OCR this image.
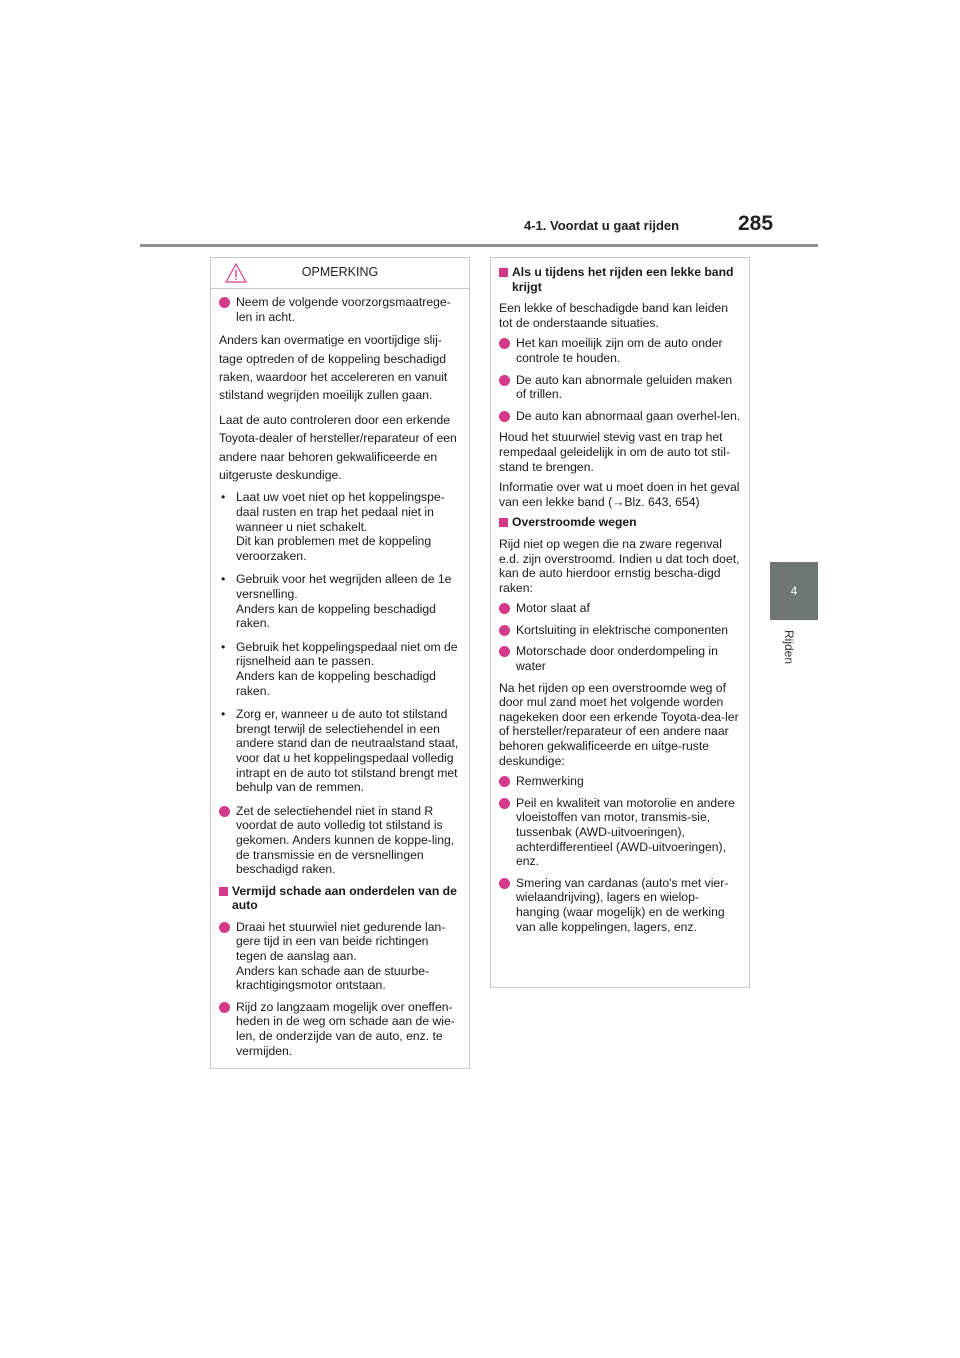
4-1. Voordat u gaat rijden	285
4
Rijden
OPMERKING
Neem de volgende voorzorgsmaatrege-len in acht.

Anders kan overmatige en voortijdige slij-tage optreden of de koppeling beschadigd raken, waardoor het accelereren en vanuit stilstand wegrijden moeilijk zullen gaan.

Laat de auto controleren door een erkende Toyota-dealer of hersteller/reparateur of een andere naar behoren gekwalificeerde en uitgeruste deskundige.

• Laat uw voet niet op het koppelingspe-daal rusten en trap het pedaal niet in wanneer u niet schakelt.
Dit kan problemen met de koppeling veroorzaken.
• Gebruik voor het wegrijden alleen de 1e versnelling.
Anders kan de koppeling beschadigd raken.
• Gebruik het koppelingspedaal niet om de rijsnelheid aan te passen.
Anders kan de koppeling beschadigd raken.
• Zorg er, wanneer u de auto tot stilstand brengt terwijl de selectiehendel in een andere stand dan de neutraalstand staat, voor dat u het koppelingspedaal volledig intrapt en de auto tot stilstand brengt met behulp van de remmen.
Zet de selectiehendel niet in stand R voordat de auto volledig tot stilstand is gekomen. Anders kunnen de koppe-ling, de transmissie en de versnellingen beschadigd raken.
Vermijd schade aan onderdelen van de auto
Draai het stuurwiel niet gedurende lan-gere tijd in een van beide richtingen tegen de aanslag aan.
Anders kan schade aan de stuurbe-krachtigingsmotor ontstaan.
Rijd zo langzaam mogelijk over oneffen-heden in de weg om schade aan de wie-len, de onderzijde van de auto, enz. te vermijden.
Als u tijdens het rijden een lekke band krijgt

Een lekke of beschadigde band kan leiden tot de onderstaande situaties.

Het kan moeilijk zijn om de auto onder controle te houden.
De auto kan abnormale geluiden maken of trillen.
De auto kan abnormaal gaan overhel-len.

Houd het stuurwiel stevig vast en trap het rempedaal geleidelijk in om de auto tot stil-stand te brengen.

Informatie over wat u moet doen in het geval van een lekke band (→Blz. 643, 654)

Overstroomde wegen

Rijd niet op wegen die na zware regenval e.d. zijn overstroomd. Indien u dat toch doet, kan de auto hierdoor ernstig bescha-digd raken:

Motor slaat af
Kortsluiting in elektrische componenten
Motorschade door onderdompeling in water

Na het rijden op een overstroomde weg of door mul zand moet het volgende worden nagekeken door een erkende Toyota-dea-ler of hersteller/reparateur of een andere naar behoren gekwalificeerde en uitge-ruste deskundige:

Remwerking
Peil en kwaliteit van motorolie en andere vloeistoffen van motor, transmis-sie, tussenbak (AWD-uitvoeringen), achterdifferentieel (AWD-uitvoeringen), enz.
Smering van cardanas (auto's met vier-wielaandrijving), lagers en wielop-hanging (waar mogelijk) en de werking van alle koppelingen, lagers, enz.
